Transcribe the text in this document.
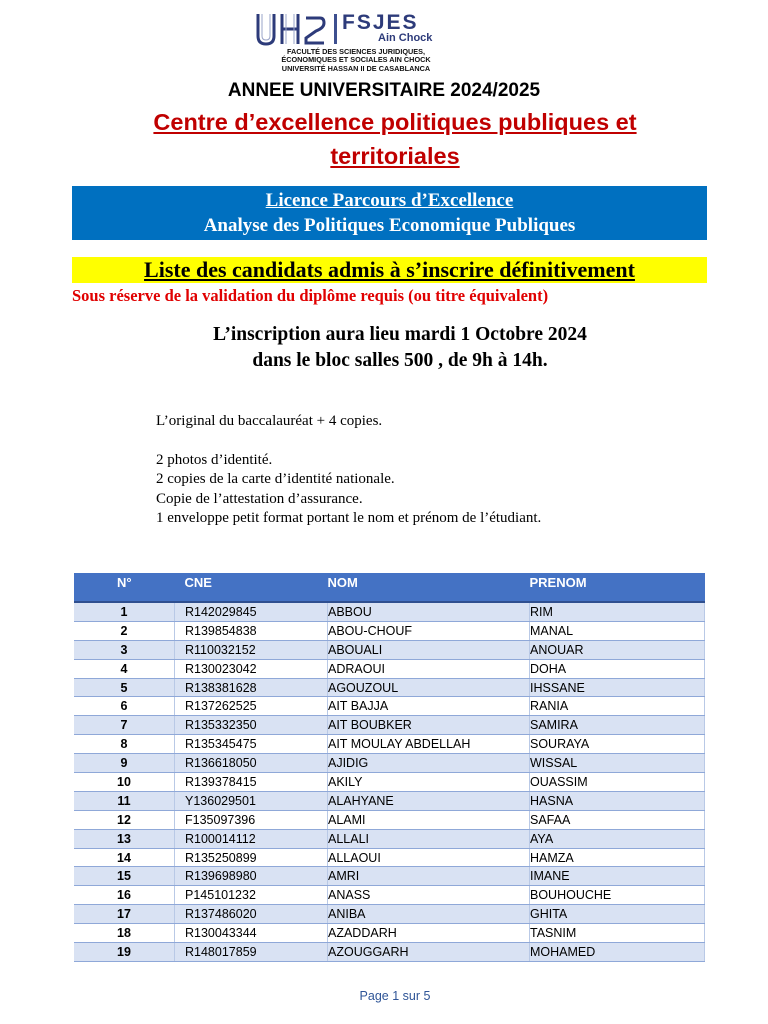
FSJES
Ain Chock
FACULTÉ DES SCIENCES JURIDIQUES,
ÉCONOMIQUES ET SOCIALES AIN CHOCK
UNIVERSITÉ HASSAN II DE CASABLANCA
ANNEE UNIVERSITAIRE 2024/2025
Centre d’excellence politiques publiques et territoriales
Licence Parcours d’Excellence
Analyse des Politiques Economique Publiques
Liste des candidats admis à s’inscrire définitivement
Sous réserve de la validation du diplôme requis (ou titre équivalent)
L’inscription aura lieu mardi 1 Octobre 2024
dans le bloc salles 500 , de 9h à 14h.
L’original du baccalauréat + 4 copies.
2 photos d’identité.
2 copies de la carte d’identité nationale.
Copie de l’attestation d’assurance.
1 enveloppe petit format portant le nom et prénom de l’étudiant.
N°	CNE	NOM	PRENOM
1	R142029845	ABBOU	RIM
2	R139854838	ABOU-CHOUF	MANAL
3	R110032152	ABOUALI	ANOUAR
4	R130023042	ADRAOUI	DOHA
5	R138381628	AGOUZOUL	IHSSANE
6	R137262525	AIT BAJJA	RANIA
7	R135332350	AIT BOUBKER	SAMIRA
8	R135345475	AIT MOULAY ABDELLAH	SOURAYA
9	R136618050	AJIDIG	WISSAL
10	R139378415	AKILY	OUASSIM
11	Y136029501	ALAHYANE	HASNA
12	F135097396	ALAMI	SAFAA
13	R100014112	ALLALI	AYA
14	R135250899	ALLAOUI	HAMZA
15	R139698980	AMRI	IMANE
16	P145101232	ANASS	BOUHOUCHE
17	R137486020	ANIBA	GHITA
18	R130043344	AZADDARH	TASNIM
19	R148017859	AZOUGGARH	MOHAMED
Page 1 sur 5
